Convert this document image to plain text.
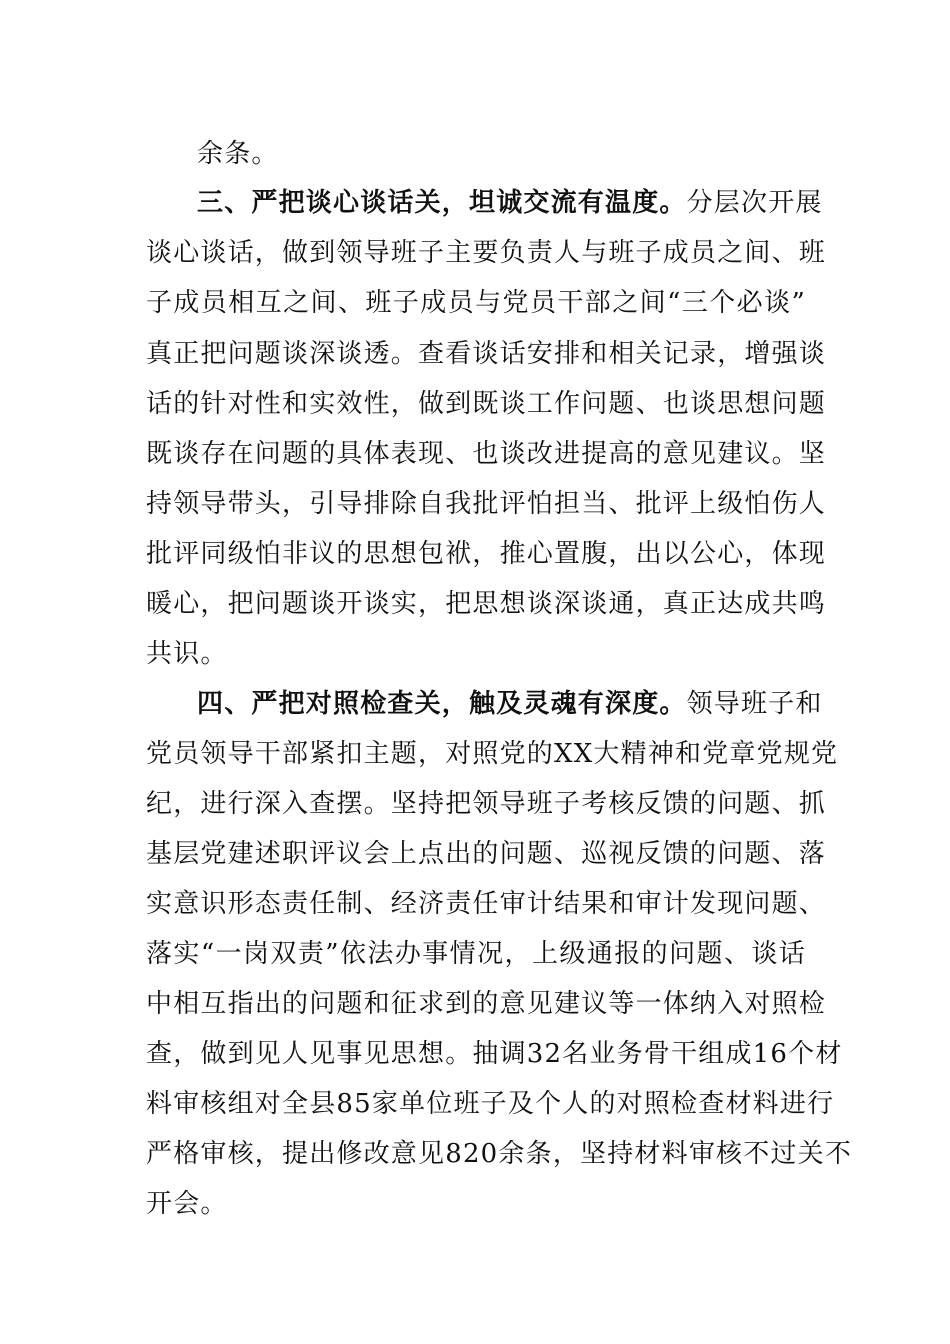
余条。
三、严把谈心谈话关，坦诚交流有温度。分层次开展
谈心谈话，做到领导班子主要负责人与班子成员之间、班
子成员相互之间、班子成员与党员干部之间“三个必谈”
真正把问题谈深谈透。查看谈话安排和相关记录，增强谈
话的针对性和实效性，做到既谈工作问题、也谈思想问题
既谈存在问题的具体表现、也谈改进提高的意见建议。坚
持领导带头，引导排除自我批评怕担当、批评上级怕伤人
批评同级怕非议的思想包袱，推心置腹，出以公心，体现
暖心，把问题谈开谈实，把思想谈深谈通，真正达成共鸣
共识。
四、严把对照检查关，触及灵魂有深度。领导班子和
党员领导干部紧扣主题，对照党的XX大精神和党章党规党
纪，进行深入查摆。坚持把领导班子考核反馈的问题、抓
基层党建述职评议会上点出的问题、巡视反馈的问题、落
实意识形态责任制、经济责任审计结果和审计发现问题、
落实“一岗双责”依法办事情况，上级通报的问题、谈话
中相互指出的问题和征求到的意见建议等一体纳入对照检
查，做到见人见事见思想。抽调32名业务骨干组成16个材
料审核组对全县85家单位班子及个人的对照检查材料进行
严格审核，提出修改意见820余条，坚持材料审核不过关不
开会。
